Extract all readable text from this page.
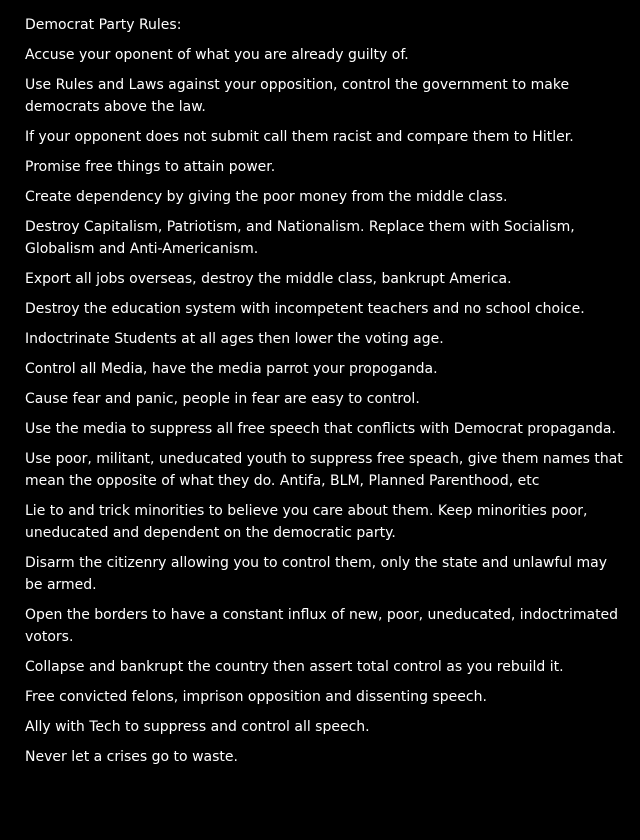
Democrat Party Rules:

Accuse your oponent of what you are already guilty of.

Use Rules and Laws against your opposition, control the government to make democrats above the law.

If your opponent does not submit call them racist and compare them to Hitler.

Promise free things to attain power.

Create dependency by giving the poor money from the middle class.

Destroy Capitalism, Patriotism, and Nationalism. Replace them with Socialism, Globalism and Anti-Americanism.

Export all jobs overseas, destroy the middle class, bankrupt America.

Destroy the education system with incompetent teachers and no school choice.

Indoctrinate Students at all ages then lower the voting age.

Control all Media, have the media parrot your propoganda.

Cause fear and panic, people in fear are easy to control.

Use the media to suppress all free speech that conflicts with Democrat propaganda.

Use poor, militant, uneducated youth to suppress free speach, give them names that mean the opposite of what they do. Antifa, BLM, Planned Parenthood, etc

Lie to and trick minorities to believe you care about them. Keep minorities poor, uneducated and dependent on the democratic party.

Disarm the citizenry allowing you to control them, only the state and unlawful may be armed.

Open the borders to have a constant influx of new, poor, uneducated, indoctrimated votors.

Collapse and bankrupt the country then assert total control as you rebuild it.

Free convicted felons, imprison opposition and dissenting speech.

Ally with Tech to suppress and control all speech.

Never let a crises go to waste.
